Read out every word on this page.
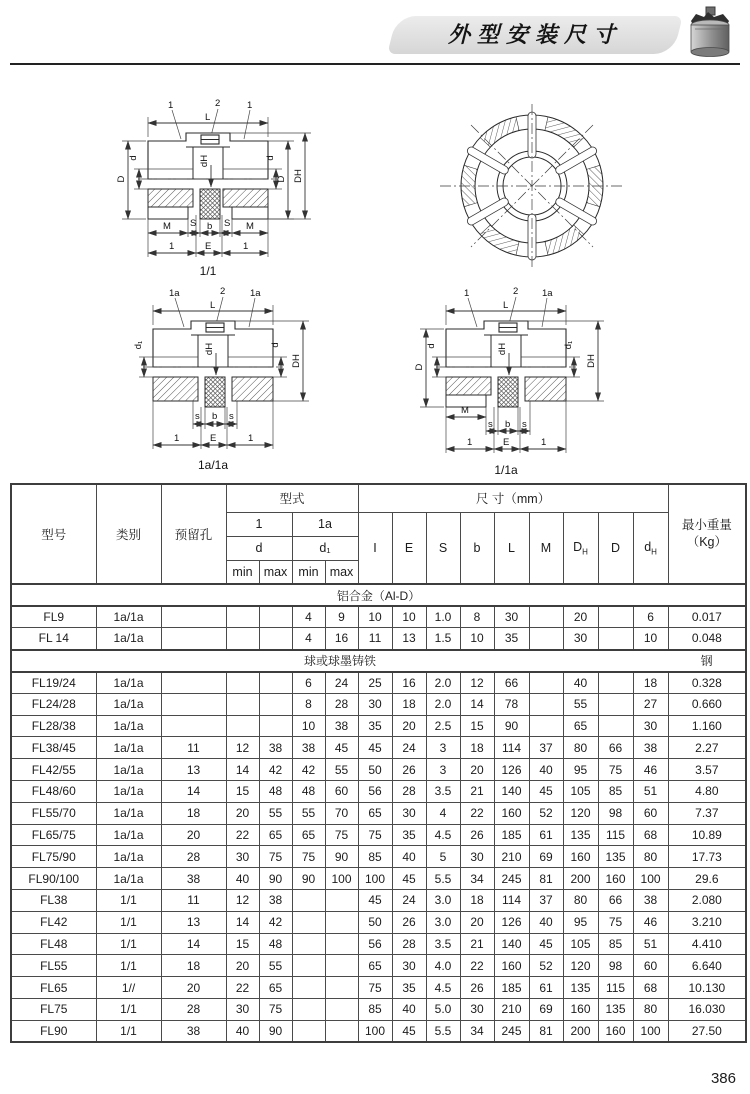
外型安装尺寸
1	2	1
L
D
d	dH	d
D DH
M S b S M
1	E	1
1/1
1a	2	1a
L
d₁	dH	d
DH
s b s
1	E	1
1a/1a
1	2 1a
L
D
d	dH	d₁
DH
M
s b s
1	E	1
1/1a
型号	类别	预留孔	型式				尺 寸（mm）									最小重量
（Kg）

			1		1a		I	E	S	b	L	M	$D_H$	D	$d_H$
			d		d₁											
			min	max	min	max										
铝合金（Al-D）																
FL9	1a/1a				4	9	10	10	1.0	8	30		20		6	0.017
FL 14	1a/1a				4	16	11	13	1.5	10	35		30		10	0.048
球或球墨铸铁																钢
FL19/24	1a/1a				6	24	25	16	2.0	12	66		40		18	0.328
FL24/28	1a/1a				8	28	30	18	2.0	14	78		55		27	0.660
FL28/38	1a/1a				10	38	35	20	2.5	15	90		65		30	1.160
FL38/45	1a/1a	11	12	38	38	45	45	24	3	18	114	37	80	66	38	2.27
FL42/55	1a/1a	13	14	42	42	55	50	26	3	20	126	40	95	75	46	3.57
FL48/60	1a/1a	14	15	48	48	60	56	28	3.5	21	140	45	105	85	51	4.80
FL55/70	1a/1a	18	20	55	55	70	65	30	4	22	160	52	120	98	60	7.37
FL65/75	1a/1a	20	22	65	65	75	75	35	4.5	26	185	61	135	115	68	10.89
FL75/90	1a/1a	28	30	75	75	90	85	40	5	30	210	69	160	135	80	17.73
FL90/100	1a/1a	38	40	90	90	100	100	45	5.5	34	245	81	200	160	100	29.6
FL38	1/1	11	12	38			45	24	3.0	18	114	37	80	66	38	2.080
FL42	1/1	13	14	42			50	26	3.0	20	126	40	95	75	46	3.210
FL48	1/1	14	15	48			56	28	3.5	21	140	45	105	85	51	4.410
FL55	1/1	18	20	55			65	30	4.0	22	160	52	120	98	60	6.640
FL65	1//	20	22	65			75	35	4.5	26	185	61	135	115	68	10.130
FL75	1/1	28	30	75			85	40	5.0	30	210	69	160	135	80	16.030
FL90	1/1	38	40	90			100	45	5.5	34	245	81	200	160	100	27.50
386
